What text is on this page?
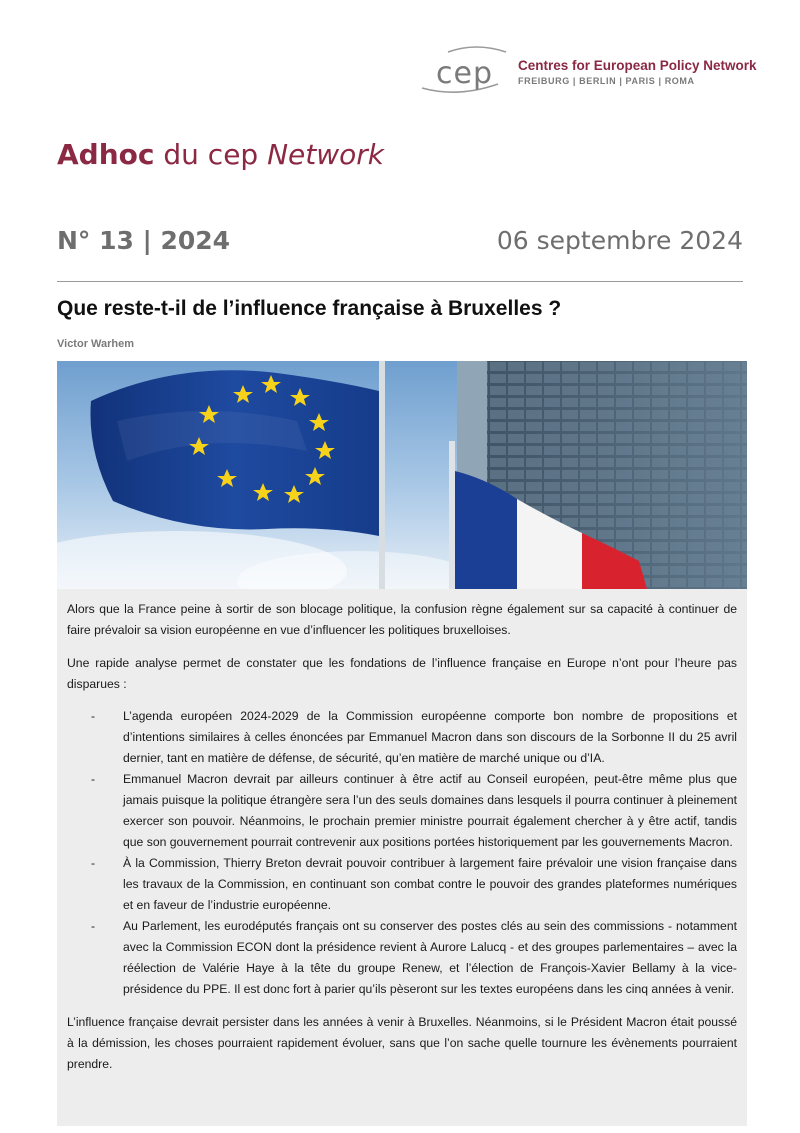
cep Centres for European Policy Network
FREIBURG | BERLIN | PARIS | ROMA
Adhoc du cep Network
N° 13 | 2024	06 septembre 2024
Que reste-t-il de l’influence française à Bruxelles ?
Victor Warhem

Alors que la France peine à sortir de son blocage politique, la confusion règne également sur sa capacité à continuer de faire prévaloir sa vision européenne en vue d’influencer les politiques bruxelloises.

Une rapide analyse permet de constater que les fondations de l’influence française en Europe n’ont pour l’heure pas disparues :

- L’agenda européen 2024-2029 de la Commission européenne comporte bon nombre de propositions et d’intentions similaires à celles énoncées par Emmanuel Macron dans son discours de la Sorbonne II du 25 avril dernier, tant en matière de défense, de sécurité, qu’en matière de marché unique ou d’IA.
- Emmanuel Macron devrait par ailleurs continuer à être actif au Conseil européen, peut-être même plus que jamais puisque la politique étrangère sera l’un des seuls domaines dans lesquels il pourra continuer à pleinement exercer son pouvoir. Néanmoins, le prochain premier ministre pourrait également chercher à y être actif, tandis que son gouvernement pourrait contrevenir aux positions portées historiquement par les gouvernements Macron.
- À la Commission, Thierry Breton devrait pouvoir contribuer à largement faire prévaloir une vision française dans les travaux de la Commission, en continuant son combat contre le pouvoir des grandes plateformes numériques et en faveur de l’industrie européenne.
- Au Parlement, les eurodéputés français ont su conserver des postes clés au sein des commissions - notamment avec la Commission ECON dont la présidence revient à Aurore Lalucq - et des groupes parlementaires – avec la réélection de Valérie Haye à la tête du groupe Renew, et l’élection de François-Xavier Bellamy à la vice-présidence du PPE. Il est donc fort à parier qu’ils pèseront sur les textes européens dans les cinq années à venir.

L’influence française devrait persister dans les années à venir à Bruxelles. Néanmoins, si le Président Macron était poussé à la démission, les choses pourraient rapidement évoluer, sans que l’on sache quelle tournure les évènements pourraient prendre.
